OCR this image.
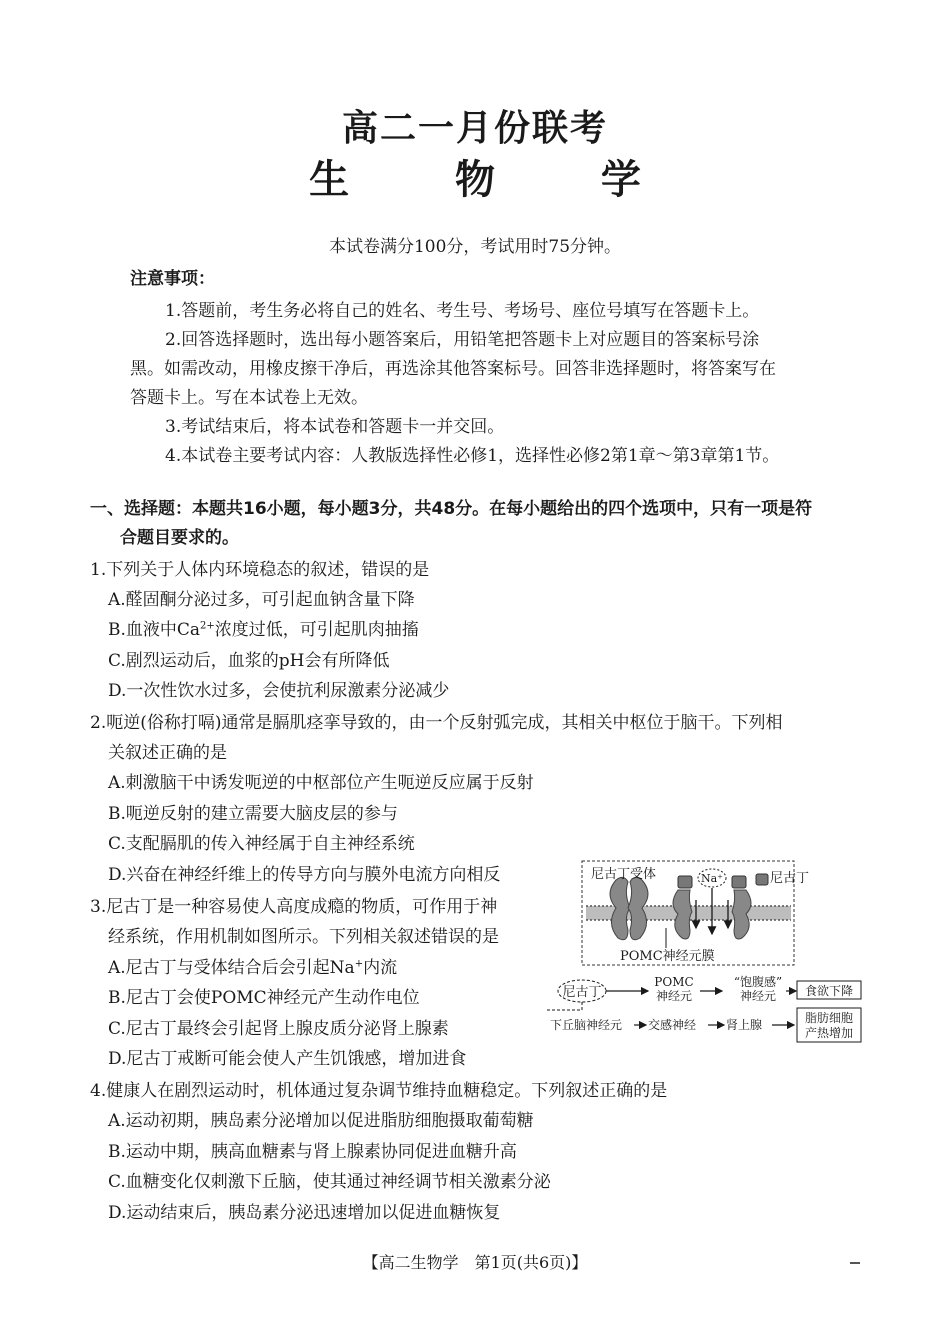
高二一月份联考
生 物 学
本试卷满分100分，考试用时75分钟。
注意事项：
1.答题前，考生务必将自己的姓名、考生号、考场号、座位号填写在答题卡上。
2.回答选择题时，选出每小题答案后，用铅笔把答题卡上对应题目的答案标号涂
黑。如需改动，用橡皮擦干净后，再选涂其他答案标号。回答非选择题时，将答案写在
答题卡上。写在本试卷上无效。
3.考试结束后，将本试卷和答题卡一并交回。
4.本试卷主要考试内容：人教版选择性必修1，选择性必修2第1章～第3章第1节。
一、选择题：本题共16小题，每小题3分，共48分。在每小题给出的四个选项中，只有一项是符
合题目要求的。
1.下列关于人体内环境稳态的叙述，错误的是
A.醛固酮分泌过多，可引起血钠含量下降
B.血液中$Ca^{2+}$浓度过低，可引起肌肉抽搐
C.剧烈运动后，血浆的pH会有所降低
D.一次性饮水过多，会使抗利尿激素分泌减少
2.呃逆(俗称打嗝)通常是膈肌痉挛导致的，由一个反射弧完成，其相关中枢位于脑干。下列相
关叙述正确的是
A.刺激脑干中诱发呃逆的中枢部位产生呃逆反应属于反射
B.呃逆反射的建立需要大脑皮层的参与
C.支配膈肌的传入神经属于自主神经系统
D.兴奋在神经纤维上的传导方向与膜外电流方向相反
3.尼古丁是一种容易使人高度成瘾的物质，可作用于神
经系统，作用机制如图所示。下列相关叙述错误的是
A.尼古丁与受体结合后会引起Na+内流
B.尼古丁会使POMC神经元产生动作电位
C.尼古丁最终会引起肾上腺皮质分泌肾上腺素
D.尼古丁戒断可能会使人产生饥饿感，增加进食
4.健康人在剧烈运动时，机体通过复杂调节维持血糖稳定。下列叙述正确的是
A.运动初期，胰岛素分泌增加以促进脂肪细胞摄取葡萄糖
B.运动中期，胰高血糖素与肾上腺素协同促进血糖升高
C.血糖变化仅刺激下丘脑，使其通过神经调节相关激素分泌
D.运动结束后，胰岛素分泌迅速增加以促进血糖恢复
尼古丁受体	Na⁺	尼古丁
POMC神经元膜
尼古丁
POMC
神经元
“饱腹感”
神经元 食欲下降
下丘脑神经元 交感神经 肾上腺	脂肪细胞
产热增加
【高二生物学　第1页(共6页)】
